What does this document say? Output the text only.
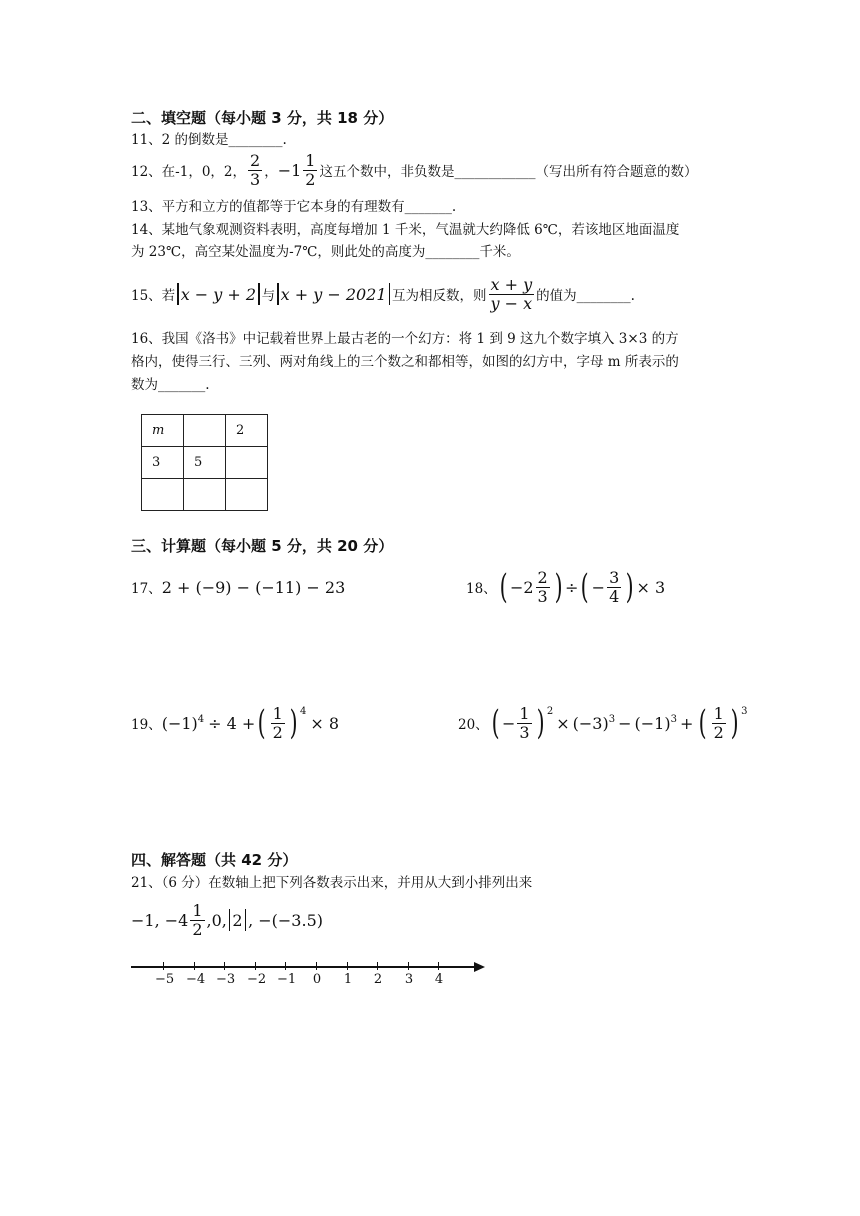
二、填空题（每小题 3 分，共 18 分）
11、2 的倒数是________.
12、在-1，0，2， $\frac{2}{3}$ ， $-1 \frac{1}{2}$ 这五个数中，非负数是____________（写出所有符合题意的数）
13、平方和立方的值都等于它本身的有理数有_______.
14、某地气象观测资料表明，高度每增加 1 千米，气温就大约降低 6℃，若该地区地面温度
为 23℃，高空某处温度为-7℃，则此处的高度为________千米。
15、若 x − y + 2 与 x + y − 2021 互为相反数，则 $\frac{x + y}{y - x}$ 的值为________.
16、我国《洛书》中记载着世界上最古老的一个幻方：将 1 到 9 这九个数字填入 3×3 的方
格内，使得三行、三列、两对角线上的三个数之和都相等，如图的幻方中，字母 m 所表示的
数为_______.
m		2
3	5	

三、计算题（每小题 5 分，共 20 分）
17、 2 + (−9) − (−11) − 23	18、 ( $-2 \frac{2}{3}$ ) ÷ ( − $\frac{3}{4}$ ) × 3
19、 ( −1 )$^4$ ÷ 4 + ( $\frac{1}{2}$ ) $^4$
× 8	20、 ( − $\frac{1}{3}$ ) $^2$
× ( −3 )$^3$ − ( −1 )$^3$ + ( $\frac{1}{2}$ ) $^3$
四、解答题（共 42 分）
21、（6 分）在数轴上把下列各数表示出来，并用从大到小排列出来
−1, $-4 \frac{1}{2} ,0$, 2 , −(−3.5)
−5 −4 −3 −2 −1	0	1	2	3	4
